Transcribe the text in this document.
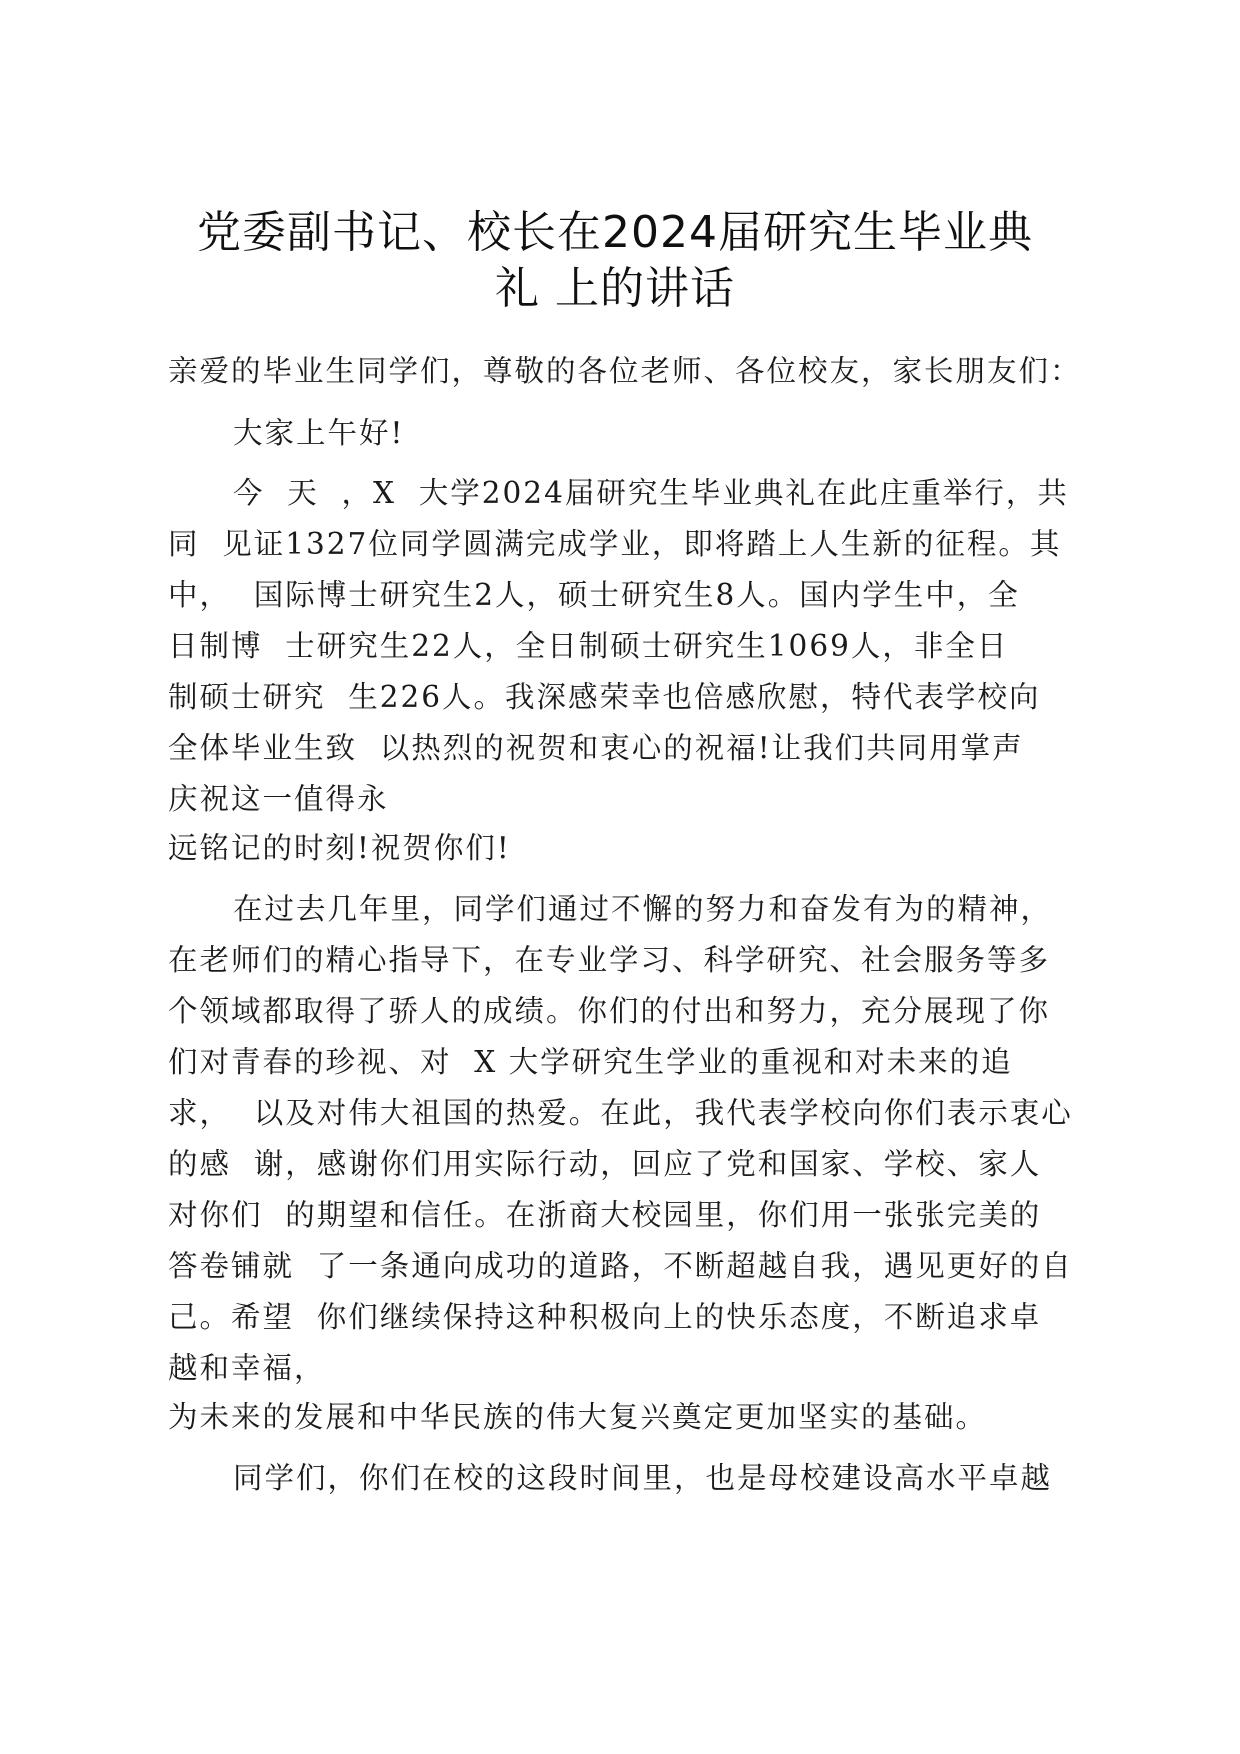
党委副书记、校长在2024届研究生毕业典
礼 上的讲话
亲爱的毕业生同学们，尊敬的各位老师、各位校友，家长朋友们：
大家上午好!
今  天  ，X  大学2024届研究生毕业典礼在此庄重举行，共
同  见证1327位同学圆满完成学业，即将踏上人生新的征程。其
中，  国际博士研究生2人，硕士研究生8人。国内学生中，全
日制博  士研究生22人，全日制硕士研究生1069人，非全日
制硕士研究  生226人。我深感荣幸也倍感欣慰，特代表学校向
全体毕业生致  以热烈的祝贺和衷心的祝福!让我们共同用掌声
庆祝这一值得永
远铭记的时刻!祝贺你们!
在过去几年里，同学们通过不懈的努力和奋发有为的精神，
在老师们的精心指导下，在专业学习、科学研究、社会服务等多
个领域都取得了骄人的成绩。你们的付出和努力，充分展现了你
们对青春的珍视、对  X 大学研究生学业的重视和对未来的追
求，  以及对伟大祖国的热爱。在此，我代表学校向你们表示衷心
的感  谢，感谢你们用实际行动，回应了党和国家、学校、家人
对你们  的期望和信任。在浙商大校园里，你们用一张张完美的
答卷铺就  了一条通向成功的道路，不断超越自我，遇见更好的自
己。希望  你们继续保持这种积极向上的快乐态度，不断追求卓
越和幸福，
为未来的发展和中华民族的伟大复兴奠定更加坚实的基础。
同学们，你们在校的这段时间里，也是母校建设高水平卓越
